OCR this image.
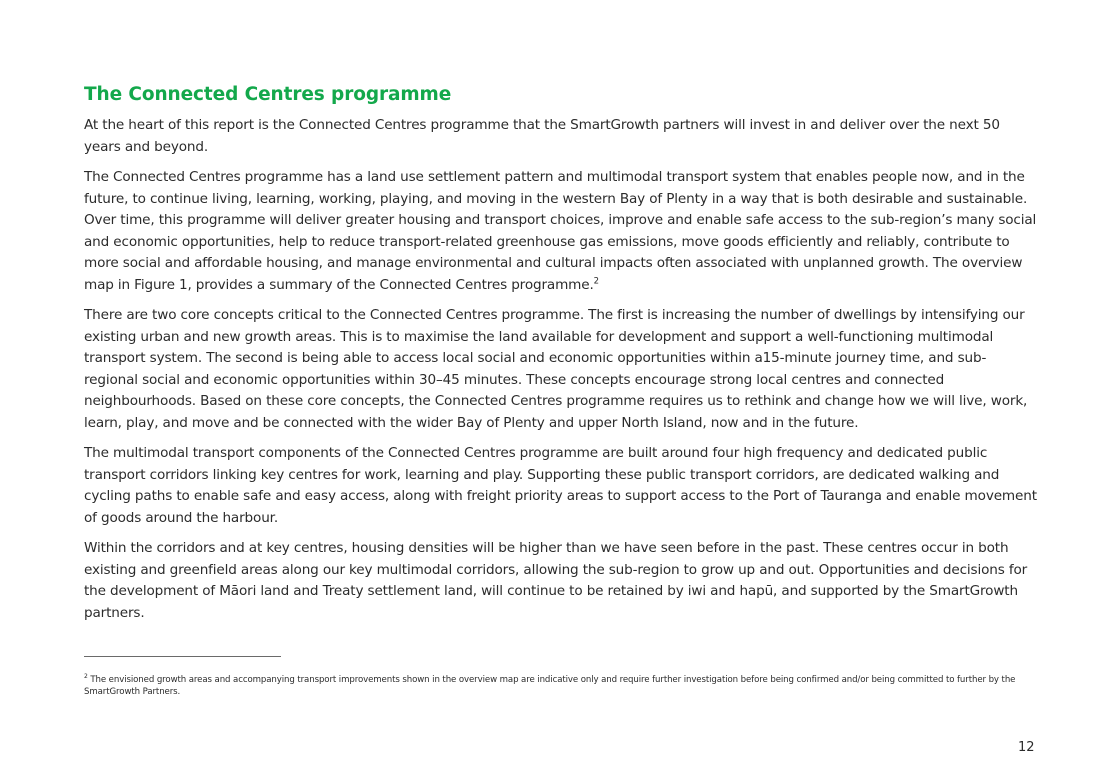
The Connected Centres programme

At the heart of this report is the Connected Centres programme that the SmartGrowth partners will invest in and deliver over the next 50 years and beyond.

The Connected Centres programme has a land use settlement pattern and multimodal transport system that enables people now, and in the future, to continue living, learning, working, playing, and moving in the western Bay of Plenty in a way that is both desirable and sustainable. Over time, this programme will deliver greater housing and transport choices, improve and enable safe access to the sub-region’s many social and economic opportunities, help to reduce transport-related greenhouse gas emissions, move goods efficiently and reliably, contribute to more social and affordable housing, and manage environmental and cultural impacts often associated with unplanned growth. The overview map in Figure 1, provides a summary of the Connected Centres programme.$^2$

There are two core concepts critical to the Connected Centres programme. The first is increasing the number of dwellings by intensifying our existing urban and new growth areas. This is to maximise the land available for development and support a well-functioning multimodal transport system. The second is being able to access local social and economic opportunities within a15-minute journey time, and sub-regional social and economic opportunities within 30–45 minutes. These concepts encourage strong local centres and connected neighbourhoods. Based on these core concepts, the Connected Centres programme requires us to rethink and change how we will live, work, learn, play, and move and be connected with the wider Bay of Plenty and upper North Island, now and in the future.

The multimodal transport components of the Connected Centres programme are built around four high frequency and dedicated public transport corridors linking key centres for work, learning and play. Supporting these public transport corridors, are dedicated walking and cycling paths to enable safe and easy access, along with freight priority areas to support access to the Port of Tauranga and enable movement of goods around the harbour.

Within the corridors and at key centres, housing densities will be higher than we have seen before in the past. These centres occur in both existing and greenfield areas along our key multimodal corridors, allowing the sub-region to grow up and out. Opportunities and decisions for the development of Māori land and Treaty settlement land, will continue to be retained by iwi and hapū, and supported by the SmartGrowth partners.

$^2$ The envisioned growth areas and accompanying transport improvements shown in the overview map are indicative only and require further investigation before being confirmed and/or being committed to further by the SmartGrowth Partners.
12
